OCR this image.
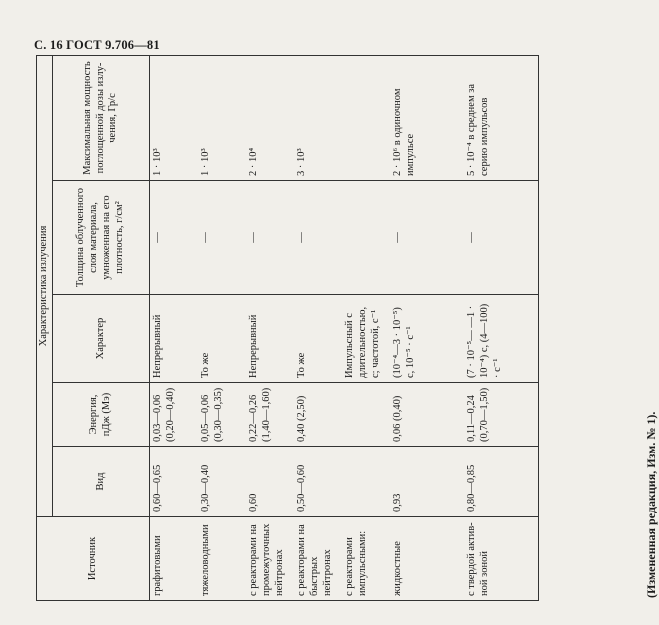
С. 16 ГОСТ 9.706—81
Источник	Характеристика излучения				
	Вид	Энергия, пДж (Мэ)	Характер	Толщина облученного слоя материала, умноженная на его плотность, г/см²	Максимальная мощность поглощенной дозы излучения, Гр/с
графитовыми	0,60—0,65	0,03—0,06 (0,20—0,40)	Непрерывный	—	1 · 10³
тяжеловодными	0,30—0,40	0,05—0,06 (0,30—0,35)	То же	—	1 · 10³
с реакторами на промежуточных нейтронах	0,60	0,22—0,26 (1,40—1,60)	Непрерывный	—	2 · 10⁴
с реакторами на быстрых нейтронах	0,50—0,60	0,40 (2,50)	То же	—	3 · 10³
с реакторами импульсными:			Импульсный с длительностью, с; частотой, с⁻¹		
жидкостные	0,93	0,06 (0,40)	(10⁻⁴—3 · 10⁻⁵) с, 10⁻⁵ · с⁻¹	—	2 · 10⁶ в одиночном импульсе
с твердой активной зоной	0,80—0,85	0,11—0,24 (0,70—1,50)	(7 · 10⁻⁵— —1 · 10⁻⁴) с, (4—100) · с⁻¹	—	5 · 10⁻⁴ в среднем за серию импульсов
(Измененная редакция, Изм. № 1).
